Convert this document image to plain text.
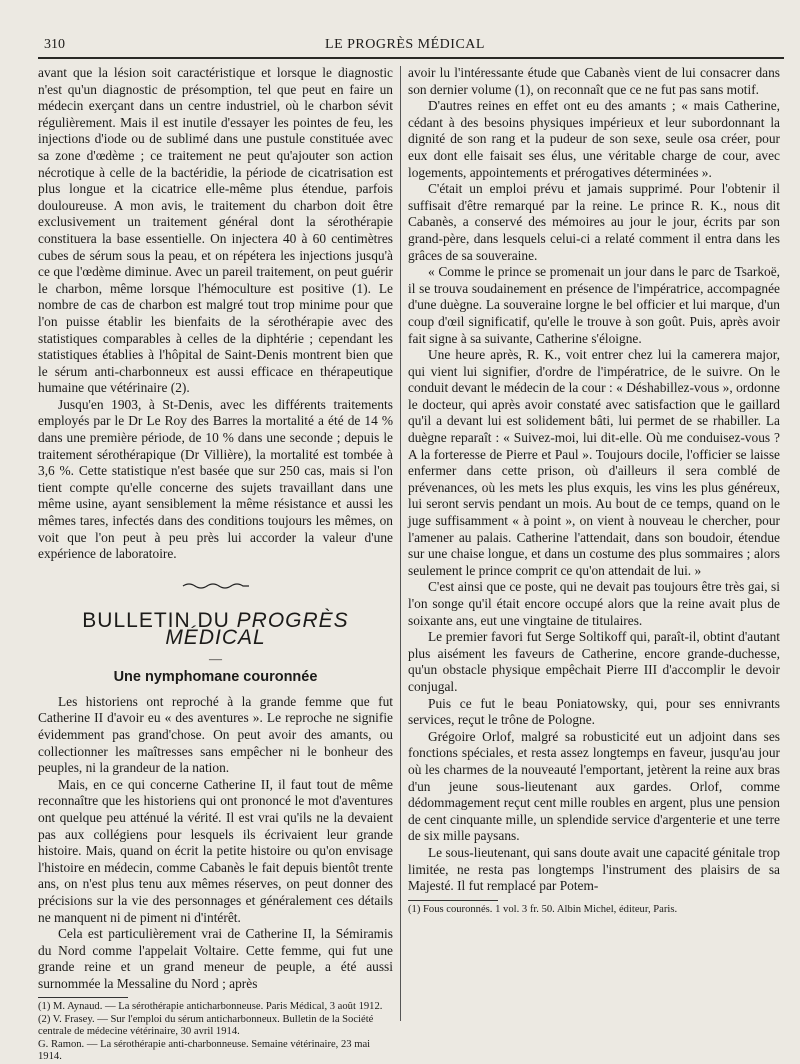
310	LE PROGRÈS MÉDICAL

avant que la lésion soit caractéristique et lorsque le diagnostic n'est qu'un diagnostic de présomption, tel que peut en faire un médecin exerçant dans un centre industriel, où le charbon sévit régulièrement. Mais il est inutile d'essayer les pointes de feu, les injections d'iode ou de sublimé dans une pustule constituée avec sa zone d'œdème ; ce traitement ne peut qu'ajouter son action nécrotique à celle de la bactéridie, la période de cicatrisation est plus longue et la cicatrice elle-même plus étendue, parfois douloureuse. A mon avis, le traitement du charbon doit être exclusivement un traitement général dont la sérothérapie constituera la base essentielle. On injectera 40 à 60 centimètres cubes de sérum sous la peau, et on répétera les injections jusqu'à ce que l'œdème diminue. Avec un pareil traitement, on peut guérir le charbon, même lorsque l'hémoculture est positive (1). Le nombre de cas de charbon est malgré tout trop minime pour que l'on puisse établir les bienfaits de la sérothérapie avec des statistiques comparables à celles de la diphtérie ; cependant les statistiques établies à l'hôpital de Saint-Denis montrent bien que le sérum anti-charbonneux est aussi efficace en thérapeutique humaine que vétérinaire (2).

Jusqu'en 1903, à St-Denis, avec les différents traitements employés par le Dr Le Roy des Barres la mortalité a été de 14 % dans une première période, de 10 % dans une seconde ; depuis le traitement sérothérapique (Dr Villière), la mortalité est tombée à 3,6 %. Cette statistique n'est basée que sur 250 cas, mais si l'on tient compte qu'elle concerne des sujets travaillant dans une même usine, ayant sensiblement la même résistance et aussi les mêmes tares, infectés dans des conditions toujours les mêmes, on voit que l'on peut à peu près lui accorder la valeur d'une expérience de laboratoire.

BULLETIN DU PROGRÈS MÉDICAL
—
Une nymphomane couronnée

Les historiens ont reproché à la grande femme que fut Catherine II d'avoir eu « des aventures ». Le reproche ne signifie évidemment pas grand'chose. On peut avoir des amants, ou collectionner les maîtresses sans empêcher ni le bonheur des peuples, ni la grandeur de la nation.

Mais, en ce qui concerne Catherine II, il faut tout de même reconnaître que les historiens qui ont prononcé le mot d'aventures ont quelque peu atténué la vérité. Il est vrai qu'ils ne la devaient pas aux collégiens pour lesquels ils écrivaient leur grande histoire. Mais, quand on écrit la petite histoire ou qu'on envisage l'histoire en médecin, comme Cabanès le fait depuis bientôt trente ans, on n'est plus tenu aux mêmes réserves, on peut donner des précisions sur la vie des personnages et généralement ces détails ne manquent ni de piment ni d'intérêt.

Cela est particulièrement vrai de Catherine II, la Sémiramis du Nord comme l'appelait Voltaire. Cette femme, qui fut une grande reine et un grand meneur de peuple, a été aussi surnommée la Messaline du Nord ; après

(1) M. Aynaud. — La sérothérapie anticharbonneuse. Paris Médical, 3 août 1912.
(2) V. Frasey. — Sur l'emploi du sérum anticharbonneux. Bulletin de la Société centrale de médecine vétérinaire, 30 avril 1914.
G. Ramon. — La sérothérapie anti-charbonneuse. Semaine vétérinaire, 23 mai 1914.

avoir lu l'intéressante étude que Cabanès vient de lui consacrer dans son dernier volume (1), on reconnaît que ce ne fut pas sans motif.

D'autres reines en effet ont eu des amants ; « mais Catherine, cédant à des besoins physiques impérieux et leur subordonnant la dignité de son rang et la pudeur de son sexe, seule osa créer, pour eux dont elle faisait ses élus, une véritable charge de cour, avec logements, appointements et prérogatives déterminées ».

C'était un emploi prévu et jamais supprimé. Pour l'obtenir il suffisait d'être remarqué par la reine. Le prince R. K., nous dit Cabanès, a conservé des mémoires au jour le jour, écrits par son grand-père, dans lesquels celui-ci a relaté comment il entra dans les grâces de sa souveraine.

« Comme le prince se promenait un jour dans le parc de Tsarkoë, il se trouva soudainement en présence de l'impératrice, accompagnée d'une duègne. La souveraine lorgne le bel officier et lui marque, d'un coup d'œil significatif, qu'elle le trouve à son goût. Puis, après avoir fait signe à sa suivante, Catherine s'éloigne.

Une heure après, R. K., voit entrer chez lui la camerera major, qui vient lui signifier, d'ordre de l'impératrice, de le suivre. On le conduit devant le médecin de la cour : « Déshabillez-vous », ordonne le docteur, qui après avoir constaté avec satisfaction que le gaillard qu'il a devant lui est solidement bâti, lui permet de se rhabiller. La duègne reparaît : « Suivez-moi, lui dit-elle. Où me conduisez-vous ? A la forteresse de Pierre et Paul ». Toujours docile, l'officier se laisse enfermer dans cette prison, où d'ailleurs il sera comblé de prévenances, où les mets les plus exquis, les vins les plus généreux, lui seront servis pendant un mois. Au bout de ce temps, quand on le juge suffisamment « à point », on vient à nouveau le chercher, pour l'amener au palais. Catherine l'attendait, dans son boudoir, étendue sur une chaise longue, et dans un costume des plus sommaires ; alors seulement le prince comprit ce qu'on attendait de lui. »

C'est ainsi que ce poste, qui ne devait pas toujours être très gai, si l'on songe qu'il était encore occupé alors que la reine avait plus de soixante ans, eut une vingtaine de titulaires.

Le premier favori fut Serge Soltikoff qui, paraît-il, obtint d'autant plus aisément les faveurs de Catherine, encore grande-duchesse, qu'un obstacle physique empêchait Pierre III d'accomplir le devoir conjugal.

Puis ce fut le beau Poniatowsky, qui, pour ses ennivrants services, reçut le trône de Pologne.

Grégoire Orlof, malgré sa robusticité eut un adjoint dans ses fonctions spéciales, et resta assez longtemps en faveur, jusqu'au jour où les charmes de la nouveauté l'emportant, jetèrent la reine aux bras d'un jeune sous-lieutenant aux gardes. Orlof, comme dédommagement reçut cent mille roubles en argent, plus une pension de cent cinquante mille, un splendide service d'argenterie et une terre de six mille paysans.

Le sous-lieutenant, qui sans doute avait une capacité génitale trop limitée, ne resta pas longtemps l'instrument des plaisirs de sa Majesté. Il fut remplacé par Potem-

(1) Fous couronnés. 1 vol. 3 fr. 50. Albin Michel, éditeur, Paris.
